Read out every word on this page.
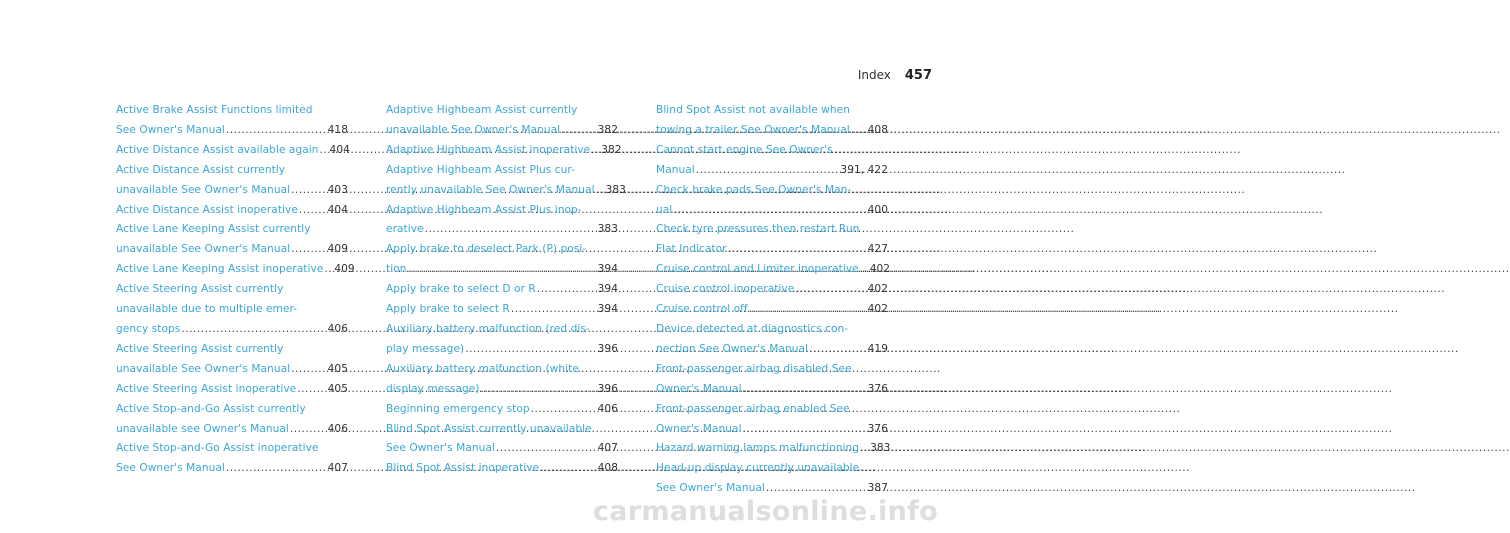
Index 457
Active Brake Assist Functions limited
See Owner's Manual .....	418
Active Distance Assist available again ..... 404
Active Distance Assist currently
unavailable See Owner's Manual .....	403
Active Distance Assist inoperative .....	404
Active Lane Keeping Assist currently
unavailable See Owner's Manual .....	409
Active Lane Keeping Assist inoperative ..... 409
Active Steering Assist currently
unavailable due to multiple emer-
gency stops .....	406
Active Steering Assist currently
unavailable See Owner's Manual .....	405
Active Steering Assist inoperative .....	405
Active Stop-and-Go Assist currently
unavailable see Owner's Manual .....	406
Active Stop-and-Go Assist inoperative
See Owner's Manual .....	407
Adaptive Highbeam Assist currently
unavailable See Owner's Manual .....	382
Adaptive Highbeam Assist inoperative ..... 382
Adaptive Highbeam Assist Plus cur-
rently unavailable See Owner's Manual ..... 383
Adaptive Highbeam Assist Plus inop-
erative .....	383
Apply brake to deselect Park (P) posi-
tion .....	394
Apply brake to select D or R .....	394
Apply brake to select R .....	394
Auxiliary battery malfunction (red dis-
play message) .....	396
Auxiliary battery malfunction (white
display message) .....	396
Beginning emergency stop .....	406
Blind Spot Assist currently unavailable
See Owner's Manual .....	407
Blind Spot Assist inoperative .....	408
Blind Spot Assist not available when
towing a trailer See Owner's Manual ..... 408
Cannot start engine See Owner's
Manual .....	391, 422
Check brake pads See Owner's Man-
ual .....	400
Check tyre pressures then restart Run
Flat Indicator .....	427
Cruise control and Limiter inoperative ..... 402
Cruise control inoperative .....	402
Cruise control off .....	402
Device detected at diagnostics con-
nection See Owner's Manual .....	419
Front-passenger airbag disabled See
Owner's Manual .....	376
Front-passenger airbag enabled See
Owner's Manual .....	376
Hazard warning lamps malfunctioning ..... 383
Head-up display currently unavailable
See Owner's Manual .....	387
carmanualsonline.info
